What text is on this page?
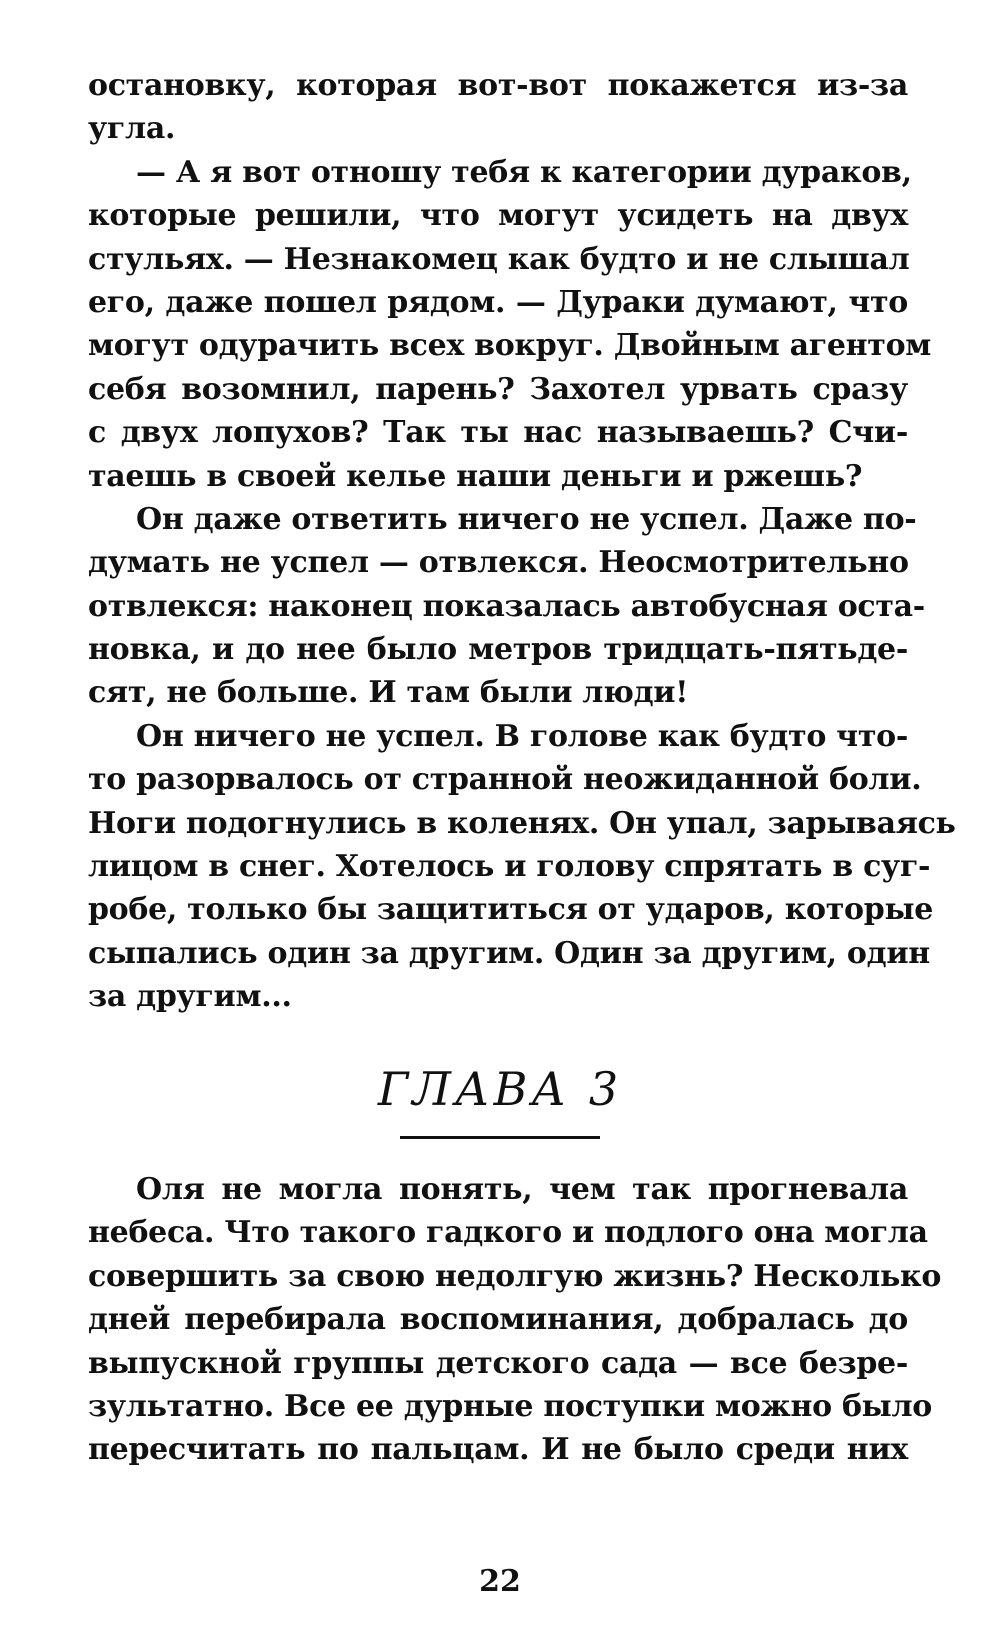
остановку, которая вот-вот покажется из-за
угла.
— А я вот отношу тебя к категории дураков,
которые решили, что могут усидеть на двух
стульях. — Незнакомец как будто и не слышал
его, даже пошел рядом. — Дураки думают, что
могут одурачить всех вокруг. Двойным агентом
себя возомнил, парень? Захотел урвать сразу
с двух лопухов? Так ты нас называешь? Счи-
таешь в своей келье наши деньги и ржешь?
Он даже ответить ничего не успел. Даже по-
думать не успел — отвлекся. Неосмотрительно
отвлекся: наконец показалась автобусная оста-
новка, и до нее было метров тридцать-пятьде-
сят, не больше. И там были люди!
Он ничего не успел. В голове как будто что-
то разорвалось от странной неожиданной боли.
Ноги подогнулись в коленях. Он упал, зарываясь
лицом в снег. Хотелось и голову спрятать в суг-
робе, только бы защититься от ударов, которые
сыпались один за другим. Один за другим, один
за другим...
ГЛАВА 3
Оля не могла понять, чем так прогневала
небеса. Что такого гадкого и подлого она могла
совершить за свою недолгую жизнь? Несколько
дней перебирала воспоминания, добралась до
выпускной группы детского сада — все безре-
зультатно. Все ее дурные поступки можно было
пересчитать по пальцам. И не было среди них
22
